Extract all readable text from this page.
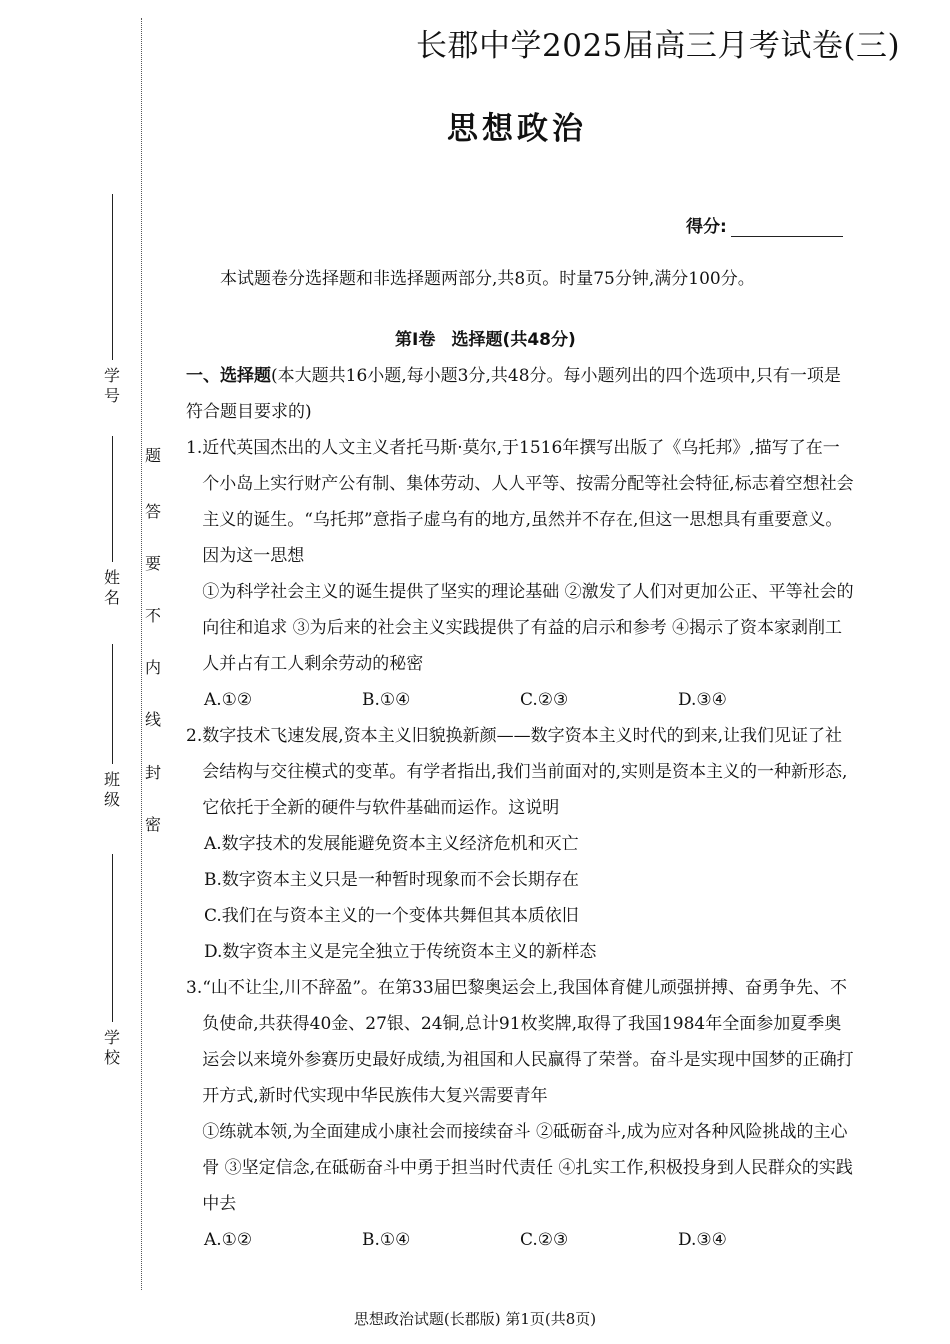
学号
姓名
班级
学校
题
答
要
不
内
线
封
密
长郡中学2025届高三月考试卷(三)
思想政治
得分:
本试题卷分选择题和非选择题两部分,共8页。时量75分钟,满分100分。
第Ⅰ卷 选择题(共48分)

一、选择题(本大题共16小题,每小题3分,共48分。每小题列出的四个选项中,只有一项是符合题目要求的)

1. 近代英国杰出的人文主义者托马斯·莫尔,于1516年撰写出版了《乌托邦》,描写了在一个小岛上实行财产公有制、集体劳动、人人平等、按需分配等社会特征,标志着空想社会主义的诞生。“乌托邦”意指子虚乌有的地方,虽然并不存在,但这一思想具有重要意义。因为这一思想

①为科学社会主义的诞生提供了坚实的理论基础 ②激发了人们对更加公正、平等社会的向往和追求 ③为后来的社会主义实践提供了有益的启示和参考 ④揭示了资本家剥削工人并占有工人剩余劳动的秘密

A.①②	B.①④	C.②③	D.③④
2. 数字技术飞速发展,资本主义旧貌换新颜——数字资本主义时代的到来,让我们见证了社会结构与交往模式的变革。有学者指出,我们当前面对的,实则是资本主义的一种新形态,它依托于全新的硬件与软件基础而运作。这说明

A.数字技术的发展能避免资本主义经济危机和灭亡

B.数字资本主义只是一种暂时现象而不会长期存在

C.我们在与资本主义的一个变体共舞但其本质依旧

D.数字资本主义是完全独立于传统资本主义的新样态

3. “山不让尘,川不辞盈”。在第33届巴黎奥运会上,我国体育健儿顽强拼搏、奋勇争先、不负使命,共获得40金、27银、24铜,总计91枚奖牌,取得了我国1984年全面参加夏季奥运会以来境外参赛历史最好成绩,为祖国和人民赢得了荣誉。奋斗是实现中国梦的正确打开方式,新时代实现中华民族伟大复兴需要青年

①练就本领,为全面建成小康社会而接续奋斗 ②砥砺奋斗,成为应对各种风险挑战的主心骨 ③坚定信念,在砥砺奋斗中勇于担当时代责任 ④扎实工作,积极投身到人民群众的实践中去

A.①②	B.①④	C.②③	D.③④
思想政治试题(长郡版) 第1页(共8页)
